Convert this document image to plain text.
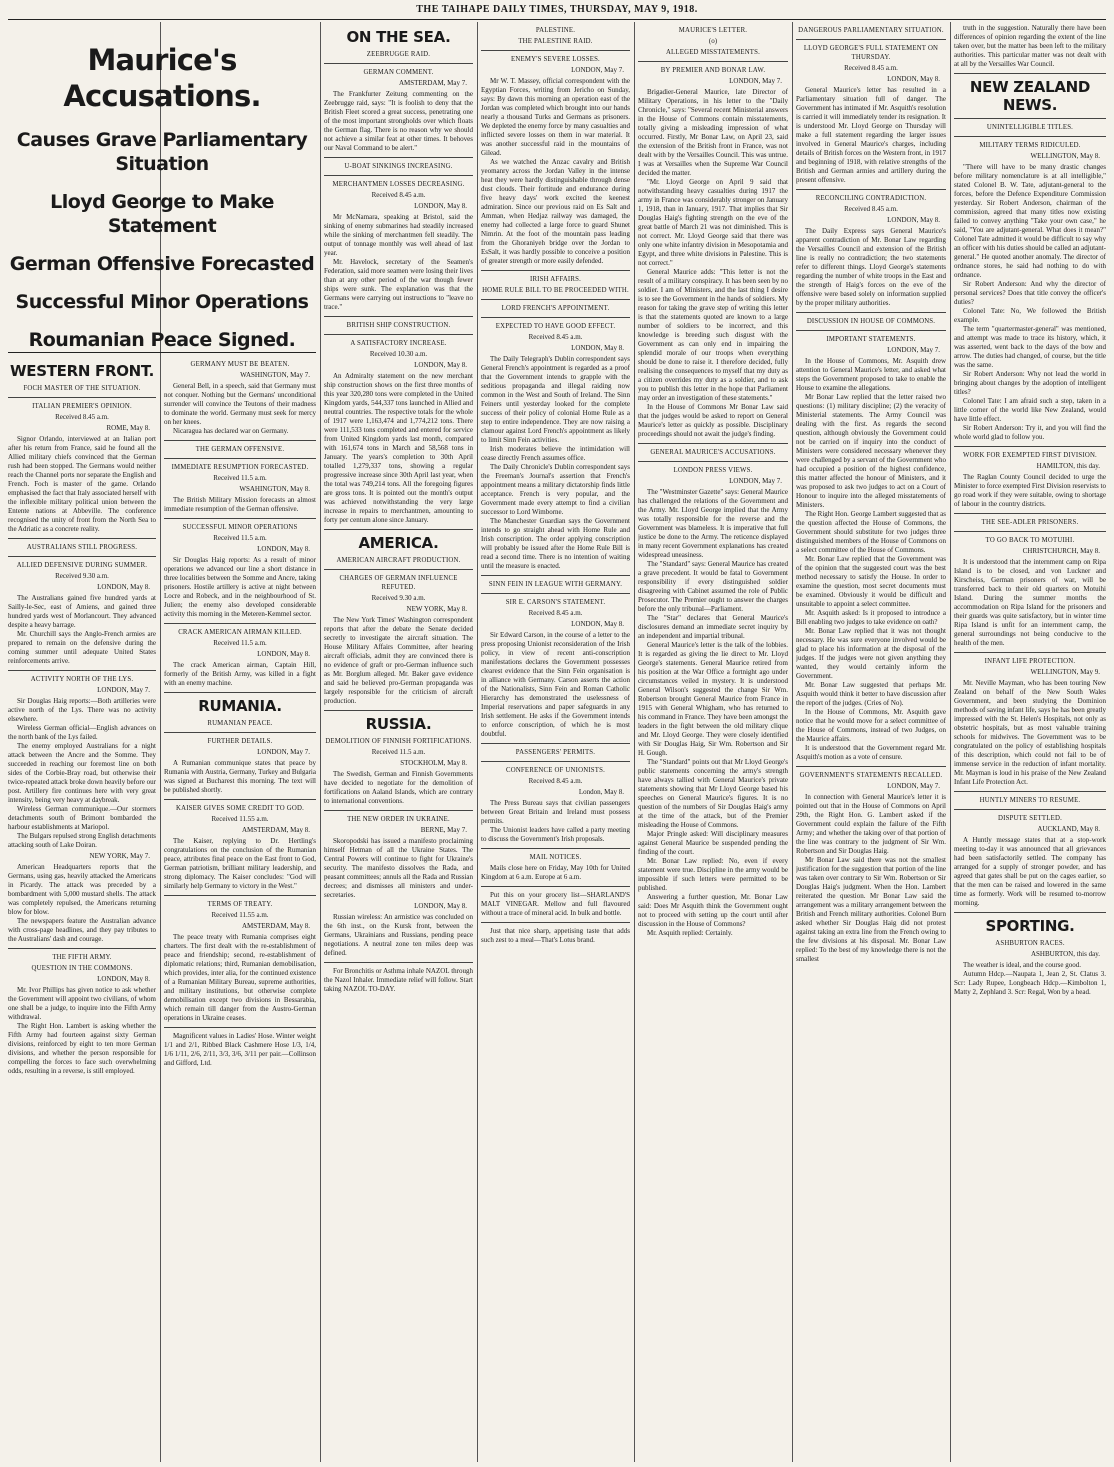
THE TAIHAPE DAILY TIMES, THURSDAY, MAY 9, 1918.
Maurice's Accusations.
Causes Grave Parliamentary Situation
Lloyd George to Make Statement
German Offensive Forecasted
Successful Minor Operations
Roumanian Peace Signed.
WESTERN FRONT.
FOCH MASTER OF THE SITUATION.
ITALIAN PREMIER'S OPINION.
Received 8.45 a.m.
ROME, May 8.
Signor Orlando, interviewed at an Italian port after his return from France, said he found all the Allied military chiefs convinced that the German rush had been stopped. The Germans would neither reach the Channel ports nor separate the English and French. Foch is master of the game. Orlando emphasised the fact that Italy associated herself with the inflexible military political union between the Entente nations at Abbeville. The conference recognised the unity of front from the North Sea to the Adriatic as a concrete reality.
AUSTRALIANS STILL PROGRESS.
ALLIED DEFENSIVE DURING SUMMER.
Received 9.30 a.m.
LONDON, May 8.
The Australians gained five hundred yards at Sailly-le-Sec, east of Amiens, and gained three hundred yards west of Morlancourt. They advanced despite a heavy barrage.
Mr. Churchill says the Anglo-French armies are prepared to remain on the defensive during the coming summer until adequate United States reinforcements arrive.
ACTIVITY NORTH OF THE LYS.
LONDON, May 7.
Sir Douglas Haig reports:—Both artilleries were active north of the Lys. There was no activity elsewhere.
Wireless German official—English advances on the north bank of the Lys failed.
The enemy employed Australians for a night attack between the Ancre and the Somme. They succeeded in reaching our foremost line on both sides of the Corbie-Bray road, but otherwise their twice-repeated attack broke down heavily before our post. Artillery fire continues here with very great intensity, being very heavy at daybreak.
Wireless German communique.—Our stormers detachments south of Brimont bombarded the harbour establishments at Mariopol.
The Bulgars repulsed strong English detachments attacking south of Lake Doiran.
NEW YORK, May 7.
American Headquarters reports that the Germans, using gas, heavily attacked the Americans in Picardy. The attack was preceded by a bombardment with 5,000 mustard shells. The attack was completely repulsed, the Americans returning blow for blow.
The newspapers feature the Australian advance with cross-page headlines, and they pay tributes to the Australians' dash and courage.
THE FIFTH ARMY.
QUESTION IN THE COMMONS.
LONDON, May 8.
Mr. Ivor Phillips has given notice to ask whether the Government will appoint two civilians, of whom one shall be a judge, to inquire into the Fifth Army withdrawal.
The Right Hon. Lambert is asking whether the Fifth Army had fourteen against sixty German divisions, reinforced by eight to ten more German divisions, and whether the person responsible for compelling the forces to face such overwhelming odds, resulting in a reverse, is still employed.
GERMANY MUST BE BEATEN.
WASHINGTON, May 7.
General Bell, in a speech, said that Germany must not conquer. Nothing but the Germans' unconditional surrender will convince the Teutons of their madness to dominate the world. Germany must seek for mercy on her knees.
Nicaragua has declared war on Germany.
THE GERMAN OFFENSIVE.
IMMEDIATE RESUMPTION FORECASTED.
Received 11.5 a.m.
WSAHINGTON, May 8.
The British Military Mission forecasts an almost immediate resumption of the German offensive.
SUCCESSFUL MINOR OPERATIONS
Received 11.5 a.m.
LONDON, May 8.
Sir Douglas Haig reports: As a result of minor operations we advanced our line a short distance in three localities between the Somme and Ancre, taking prisoners. Hostile artillery is active at night between Locre and Robeck, and in the neighbourhood of St. Julien; the enemy also developed considerable activity this morning in the Meteren-Kemmel sector.
CRACK AMERICAN AIRMAN KILLED.
Received 11.5 a.m.
LONDON, May 8.
The crack American airman, Captain Hill, formerly of the British Army, was killed in a fight with an enemy machine.
RUMANIA.
RUMANIAN PEACE.
FURTHER DETAILS.
LONDON, May 7.
A Rumanian communique states that peace by Rumania with Austria, Germany, Turkey and Bulgaria was signed at Bucharest this morning. The text will be published shortly.
KAISER GIVES SOME CREDIT TO GOD.
Received 11.55 a.m.
AMSTERDAM, May 8.
The Kaiser, replying to Dr. Hertling's congratulations on the conclusion of the Rumanian peace, attributes final peace on the East front to God, German patriotism, brilliant military leadership, and strong diplomacy. The Kaiser concludes: "God will similarly help Germany to victory in the West."
TERMS OF TREATY.
Received 11.55 a.m.
AMSTERDAM, May 8.
The peace treaty with Rumania comprises eight charters. The first dealt with the re-establishment of peace and friendship; second, re-establishment of diplomatic relations; third, Rumanian demobilisation, which provides, inter alia, for the continued existence of a Rumanian Military Bureau, supreme authorities, and military institutions, but otherwise complete demobilisation except two divisions in Bessarabia, which remain till danger from the Austro-German operations in Ukraine ceases.
Magnificent values in Ladies' Hose. Winter weight 1/1 and 2/1, Ribbed Black Cashmere Hose 1/3, 1/4, 1/6 1/11, 2/6, 2/11, 3/3, 3/6, 3/11 per pair.—Collinson and Gifford, Ltd.
ON THE SEA.
ZEEBRUGGE RAID.
GERMAN COMMENT.
AMSTERDAM, May 7.
The Frankfurter Zeitung commenting on the Zeebrugge raid, says: "It is foolish to deny that the British Fleet scored a great success, penetrating one of the most important strongholds over which floats the German flag. There is no reason why we should not achieve a similar feat at other times. It behoves our Naval Command to be alert."
U-BOAT SINKINGS INCREASING.
MERCHANTMEN LOSSES DECREASING.
Received 8.45 a.m.
LONDON, May 8.
Mr McNamara, speaking at Bristol, said the sinking of enemy submarines had steadily increased while the sinking of merchantmen fell steadily. The output of tonnage monthly was well ahead of last year.
Mr. Havelock, secretary of the Seamen's Federation, said more seamen were losing their lives than at any other period of the war though fewer ships were sunk. The explanation was that the Germans were carrying out instructions to "leave no trace."
BRITISH SHIP CONSTRUCTION.
A SATISFACTORY INCREASE.
Received 10.30 a.m.
LONDON, May 8.
An Admiralty statement on the new merchant ship construction shows on the first three months of this year 320,280 tons were completed in the United Kingdom yards, 544,337 tons launched in Allied and neutral countries. The respective totals for the whole of 1917 were 1,163,474 and 1,774,212 tons. There were 111,533 tons completed and entered for service from United Kingdom yards last month, compared with 161,674 tons in March and 58,568 tons in January. The years's completion to 30th April totalled 1,279,337 tons, showing a regular progressive increase since 30th April last year, when the total was 749,214 tons. All the foregoing figures are gross tons. It is pointed out the month's output was achieved notwithstanding the very large increase in repairs to merchantmen, amounting to forty per centum alone since January.
AMERICA.
AMERICAN AIRCRAFT PRODUCTION.
CHARGES OF GERMAN INFLUENCE REFUTED.
Received 9.30 a.m.
NEW YORK, May 8.
The New York Times' Washington correspondent reports that after the debate the Senate decided secretly to investigate the aircraft situation. The House Military Affairs Committee, after hearing aircraft officials, admit they are convinced there is no evidence of graft or pro-German influence such as Mr. Borglum alleged. Mr. Baker gave evidence and said he believed pro-German propaganda was largely responsible for the criticism of aircraft production.
RUSSIA.
DEMOLITION OF FINNISH FORTIFICATIONS.
Received 11.5 a.m.
STOCKHOLM, May 8.
The Swedish, German and Finnish Governments have decided to negotiate for the demolition of fortifications on Aaland Islands, which are contrary to international conventions.
THE NEW ORDER IN UKRAINE.
BERNE, May 7.
Skoropodski has issued a manifesto proclaiming himself Hetman of all the Ukraine States. The Central Powers will continue to fight for Ukraine's security. The manifesto dissolves the Rada, and peasant committees; annuls all the Rada and Russian decrees; and dismisses all ministers and under-secretaries.
LONDON, May 8.
Russian wireless: An armistice was concluded on the 6th inst., on the Kursk front, between the Germans, Ukrainians and Russians, pending peace negotiations. A neutral zone ten miles deep was defined.
For Bronchitis or Asthma inhale NAZOL through the Nazol Inhaler. Immediate relief will follow. Start taking NAZOL TO-DAY.
PALESTINE.
THE PALESTINE RAID.
ENEMY'S SEVERE LOSSES.
LONDON, May 7.
Mr W. T. Massey, official correspondent with the Egyptian Forces, writing from Jericho on Sunday, says: By dawn this morning an operation east of the Jordan was completed which brought into our hands nearly a thousand Turks and Germans as prisoners. We depleted the enemy force by many casualties and inflicted severe losses on them in war material. It was another successful raid in the mountains of Gilead.
As we watched the Anzac cavalry and British yeomanry across the Jordan Valley in the intense heat they were hardly distinguishable through dense dust clouds. Their fortitude and endurance during five heavy days' work excited the keenest admiration. Since our previous raid on Es Salt and Amman, when Hedjaz railway was damaged, the enemy had collected a large force to guard Shunet Nimrin. At the foot of the mountain pass leading from the Ghoraniyeh bridge over the Jordan to EsSalt, it was hardly possible to conceive a position of greater strength or more easily defended.
IRISH AFFAIRS.
HOME RULE BILL TO BE PROCEEDED WITH.
LORD FRENCH'S APPOINTMENT.
EXPECTED TO HAVE GOOD EFFECT.
Received 8.45 a.m.
LONDON, May 8.
The Daily Telegraph's Dublin correspondent says General French's appointment is regarded as a proof that the Government intends to grapple with the seditious propaganda and illegal raiding now common in the West and South of Ireland. The Sinn Feiners until yesterday looked for the complete success of their policy of colonial Home Rule as a step to entire independence. They are now raising a clamour against Lord French's appointment as likely to limit Sinn Fein activities.
Irish moderates believe the intimidation will cease directly French assumes office.
The Daily Chronicle's Dublin correspondent says the Freeman's Journal's assertion that French's appointment means a military dictatorship finds little acceptance. French is very popular, and the Government made every attempt to find a civilian successor to Lord Wimborne.
The Manchester Guardian says the Government intends to go straight ahead with Home Rule and Irish conscription. The order applying conscription will probably be issued after the Home Rule Bill is read a second time. There is no intention of waiting until the measure is enacted.
SINN FEIN IN LEAGUE WITH GERMANY.
SIR E. CARSON'S STATEMENT.
Received 8.45 a.m.
LONDON, May 8.
Sir Edward Carson, in the course of a letter to the press proposing Unionist reconsideration of the Irish policy, in view of recent anti-conscription manifestations declares the Government possesses clearest evidence that the Sinn Fein organisation is in alliance with Germany. Carson asserts the action of the Nationalists, Sinn Fein and Roman Catholic Hierarchy has demonstrated the uselessness of Imperial reservations and paper safeguards in any Irish settlement. He asks if the Government intends to enforce conscription, of which he is most doubtful.
PASSENGERS' PERMITS.
CONFERENCE OF UNIONISTS.
Received 8.45 a.m.
London, May 8.
The Press Bureau says that civilian passengers between Great Britain and Ireland must possess permits.
The Unionist leaders have called a party meeting to discuss the Government's Irish proposals.
MAIL NOTICES.
Mails close here on Friday, May 10th for United Kingdom at 6 a.m. Europe at 6 a.m.
Put this on your grocery list—SHARLAND'S MALT VINEGAR. Mellow and full flavoured without a trace of mineral acid. In bulk and bottle.
Just that nice sharp, appetising taste that adds such zest to a meal—That's Lotus brand.
MAURICE'S LETTER.
(o)
ALLEGED MISSTATEMENTS.
BY PREMIER AND BONAR LAW.
LONDON, May 7.
Brigadier-General Maurice, late Director of Military Operations, in his letter to the "Daily Chronicle," says: "Several recent Ministerial answers in the House of Commons contain misstatements, totally giving a misleading impression of what occurred. Firstly, Mr Bonar Law, on April 23, said the extension of the British front in France, was not dealt with by the Versailles Council. This was untrue. I was at Versailles when the Supreme War Council decided the matter.
"Mr. Lloyd George on April 9 said that notwithstanding heavy casualties during 1917 the army in France was considerably stronger on January 1, 1918, than in January, 1917. That implies that Sir Douglas Haig's fighting strength on the eve of the great battle of March 21 was not diminished. This is not correct. Mr. Lloyd George said that there was only one white infantry division in Mesopotamia and Egypt, and three white divisions in Palestine. This is not correct."
General Maurice adds: "This letter is not the result of a military conspiracy. It has been seen by no soldier. I am of Ministers, and the last thing I desire is to see the Government in the hands of soldiers. My reason for taking the grave step of writing this letter is that the statements quoted are known to a large number of soldiers to be incorrect, and this knowledge is breeding such disgust with the Government as can only end in impairing the splendid morale of our troops when everything should be done to raise it. I therefore decided, fully realising the consequences to myself that my duty as a citizen overrides my duty as a soldier, and to ask you to publish this letter in the hope that Parliament may order an investigation of these statements."
In the House of Commons Mr Bonar Law said that the judges would be asked to report on General Maurice's letter as quickly as possible. Disciplinary proceedings should not await the judge's finding.
GENERAL MAURICE'S ACCUSATIONS.
LONDON PRESS VIEWS.
LONDON, May 7.
The "Westminster Gazette" says: General Maurice has challenged the relations of the Government and the Army. Mr. Lloyd George implied that the Army was totally responsible for the reverse and the Government was blameless. It is imperative that full justice be done to the Army. The reticence displayed in many recent Government explanations has created widespread uneasiness.
The "Standard" says: General Maurice has created a grave precedent. It would be fatal to Government responsibility if every distinguished soldier disagreeing with Cabinet assumed the role of Public Prosecutor. The Premier ought to answer the charges before the only tribunal—Parliament.
The "Star" declares that General Maurice's disclosures demand an immediate secret inquiry by an independent and impartial tribunal.
General Maurice's letter is the talk of the lobbies. It is regarded as giving the lie direct to Mr. Lloyd George's statements. General Maurice retired from his position at the War Office a fortnight ago under circumstances veiled in mystery. It is understood General Wilson's suggested the change Sir Wm. Robertson brought General Maurice from France in 1915 with General Whigham, who has returned to his command in France. They have been amongst the leaders in the fight between the old military clique and Mr. Lloyd George. They were closely identified with Sir Douglas Haig, Sir Wm. Robertson and Sir H. Gough.
The "Standard" points out that Mr Lloyd George's public statements concerning the army's strength have always tallied with General Maurice's private statements showing that Mr Lloyd George based his speeches on General Maurice's figures. It is no question of the numbers of Sir Douglas Haig's army at the time of the attack, but of the Premier misleading the House of Commons.
Major Pringle asked: Will disciplinary measures against General Maurice be suspended pending the finding of the court.
Mr. Bonar Law replied: No, even if every statement were true. Discipline in the army would be impossible if such letters were permitted to be published.
Answering a further question, Mr. Bonar Law said: Does Mr Asquith think the Government ought not to proceed with setting up the court until after discussion in the House of Commons?
Mr. Asquith replied: Certainly.
DANGEROUS PARLIAMENTARY SITUATION.
LLOYD GEORGE'S FULL STATEMENT ON THURSDAY.
Received 8.45 a.m.
LONDON, May 8.
General Maurice's letter has resulted in a Parliamentary situation full of danger. The Government has intimated if Mr. Asquith's resolution is carried it will immediately tender its resignation. It is understood Mr. Lloyd George on Thursday will make a full statement regarding the larger issues involved in General Maurice's charges, including details of British forces on the Western front, in 1917 and beginning of 1918, with relative strengths of the British and German armies and artillery during the present offensive.
RECONCILING CONTRADICTION.
Received 8.45 a.m.
LONDON, May 8.
The Daily Express says General Maurice's apparent contradiction of Mr. Bonar Law regarding the Versailles Council and extension of the British line is really no contradiction; the two statements refer to different things. Lloyd George's statements regarding the number of white troops in the East and the strength of Haig's forces on the eve of the offensive were based solely on information supplied by the proper military authorities.
DISCUSSION IN HOUSE OF COMMONS.
IMPORTANT STATEMENTS.
LONDON, May 7.
In the House of Commons, Mr. Asquith drew attention to General Maurice's letter, and asked what steps the Government proposed to take to enable the House to examine the allegations.
Mr Bonar Law replied that the letter raised two questions: (1) military discipline; (2) the veracity of Ministerial statements. The Army Council was dealing with the first. As regards the second question, although obviously the Government could not be carried on if inquiry into the conduct of Ministers were considered necessary whenever they were challenged by a servant of the Government who had occupied a position of the highest confidence, this matter affected the honour of Ministers, and it was proposed to ask two judges to act on a Court of Honour to inquire into the alleged misstatements of Ministers.
The Right Hon. George Lambert suggested that as the question affected the House of Commons, the Government should substitute for two judges three distinguished members of the House of Commons on a select committee of the House of Commons.
Mr. Bonar Law replied that the Government was of the opinion that the suggested court was the best method necessary to satisfy the House. In order to examine the question, most secret documents must be examined. Obviously it would be difficult and unsuitable to appoint a select committee.
Mr. Asquith asked: Is it proposed to introduce a Bill enabling two judges to take evidence on oath?
Mr. Bonar Law replied that it was not thought necessary. He was sure everyone involved would be glad to place his information at the disposal of the judges. If the judges were not given anything they wanted, they would certainly inform the Government.
Mr. Bonar Law suggested that perhaps Mr. Asquith would think it better to have discussion after the report of the judges. (Cries of No).
In the House of Commons, Mr. Asquith gave notice that he would move for a select committee of the House of Commons, instead of two Judges, on the Maurice affairs.
It is understood that the Government regard Mr. Asquith's motion as a vote of censure.
GOVERNMENT'S STATEMENTS RECALLED.
LONDON, May 7.
In connection with General Maurice's letter it is pointed out that in the House of Commons on April 29th, the Right Hon. G. Lambert asked if the Government could explain the failure of the Fifth Army; and whether the taking over of that portion of the line was contrary to the judgment of Sir Wm. Robertson and Sir Douglas Haig.
Mr Bonar Law said there was not the smallest justification for the suggestion that portion of the line was taken over contrary to Sir Wm. Robertson or Sir Douglas Haig's judgment. When the Hon. Lambert reiterated the question. Mr Bonar Law said the arrangement was a military arrangement between the British and French military authorities. Colonel Burn asked whether Sir Douglas Haig did not protest against taking an extra line from the French owing to the few divisions at his disposal. Mr. Bonar Law replied: To the best of my knowledge there is not the smallest
truth in the suggestion. Naturally there have been differences of opinion regarding the extent of the line taken over, but the matter has been left to the military authorities. This particular matter was not dealt with at all by the Versailles War Council.
NEW ZEALAND NEWS.
UNINTELLIGIBLE TITLES.
MILITARY TERMS RIDICULED.
WELLINGTON, May 8.
"There will have to be many drastic changes before military nomenclature is at all intelligible," stated Colonel B. W. Tate, adjutant-general to the forces, before the Defence Expenditure Commission yesterday. Sir Robert Anderson, chairman of the commission, agreed that many titles now existing failed to convey anything "Take your own case," he said, "You are adjutant-general. What does it mean?" Colonel Tate admitted it would be difficult to say why an officer with his duties should be called an adjutant-general." He quoted another anomaly. The director of ordnance stores, he said had nothing to do with ordnance.
Sir Robert Anderson: And why the director of personal services? Does that title convey the officer's duties?
Colonel Tate: No, We followed the British example.
The term "quartermaster-general" was mentioned, and attempt was made to trace its history, which, it was asserted, went back to the days of the bow and arrow. The duties had changed, of course, but the title was the same.
Sir Robert Anderson: Why not lead the world in bringing about changes by the adoption of intelligent titles?
Colonel Tate: I am afraid such a step, taken in a little corner of the world like New Zealand, would have little effect.
Sir Robert Anderson: Try it, and you will find the whole world glad to follow you.
WORK FOR EXEMPTED FIRST DIVISION.
HAMILTON, this day.
The Raglan County Council decided to urge the Minister to force exempted First Division reservists to go road work if they were suitable, owing to shortage of labour in the country districts.
THE SEE-ADLER PRISONERS.
TO GO BACK TO MOTUIHI.
CHRISTCHURCH, May 8.
It is understood that the internment camp on Ripa Island is to be closed, and von Luckner and Kirscheiss, German prisoners of war, will be transferred back to their old quarters on Motuihi Island. During the summer months the accommodation on Ripa Island for the prisoners and their guards was quite satisfactory, but in winter time Ripa Island is unfit for an internment camp, the general surroundings not being conducive to the health of the men.
INFANT LIFE PROTECTION.
WELLINGTON, May 9.
Mr. Neville Mayman, who has been touring New Zealand on behalf of the New South Wales Government, and been studying the Dominion methods of saving infant life, says he has been greatly impressed with the St. Helen's Hospitals, not only as obstetric hospitals, but as most valuable training schools for midwives. The Government was to be congratulated on the policy of establishing hospitals of this description, which could not fail to be of immense service in the reduction of infant mortality. Mr. Mayman is loud in his praise of the New Zealand Infant Life Protection Act.
HUNTLY MINERS TO RESUME.
DISPUTE SETTLED.
AUCKLAND, May 8.
A Huntly message states that at a stop-work meeting to-day it was announced that all grievances had been satisfactorily settled. The company has arranged for a supply of stronger powder, and has agreed that gates shall be put on the cages earlier, so that the men can be raised and lowered in the same time as formerly. Work will be resumed to-morrow morning.
SPORTING.
ASHBURTON RACES.
ASHBURTON, this day.
The weather is ideal, and the course good.
Autumn Hdcp.—Naupata 1, Jean 2, St. Clatus 3. Scr: Lady Rupee, Longbeach Hdcp.—Kimbolton 1, Matty 2, Zephland 3. Scr: Regal, Won by a head.
